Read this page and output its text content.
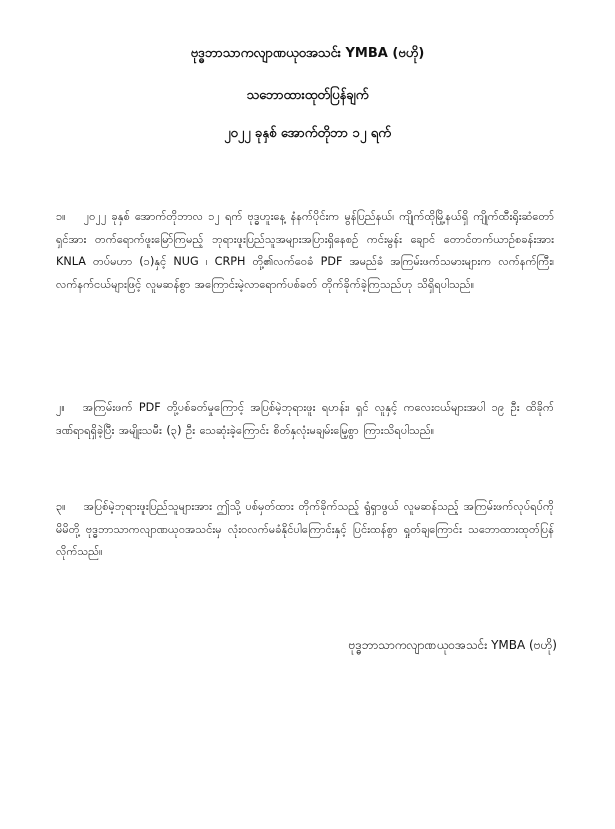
ဗုဒ္ဓဘာသာကလျာဏယုဝအသင်း YMBA (ဗဟို)
သဘောထားထုတ်ပြန်ချက်
၂၀၂၂ ခုနှစ် အောက်တိုဘာ ၁၂ ရက်
၁။ ၂၀၂၂ ခုနှစ် အောက်တိုဘာလ ၁၂ ရက် ဗုဒ္ဓဟူးနေ့ နံနက်ပိုင်းက မွန်ပြည်နယ်၊ ကျိုက်ထိုမြို့နယ်ရှိ ကျိုက်ထီးရိုးဆံတော်ရှင်အား တက်ရောက်ဖူးမြော်ကြမည့် ဘုရားဖူးပြည်သူအများအပြားရှိနေစဉ် ကင်းမွန်း ချောင် တောင်တက်ယာဉ်စခန်းအား KNLA တပ်မဟာ (၁)နှင့် NUG ၊ CRPH တို့၏လက်ဝေခံ PDF အမည်ခံ အကြမ်းဖက်သမားများက လက်နက်ကြီး၊ လက်နက်ငယ်များဖြင့် လူမဆန်စွာ အကြောင်းမဲ့လာရောက်ပစ်ခတ် တိုက်ခိုက်ခဲ့ကြသည်ဟု သိရှိရပါသည်။
၂။ အကြမ်းဖက် PDF တို့ပစ်ခတ်မှုကြောင့် အပြစ်မဲ့ဘုရားဖူး ရဟန်း၊ ရှင် လူနှင့် ကလေးငယ်များအပါ ၁၉ ဦး ထိခိုက်ဒဏ်ရာရရှိခဲ့ပြီး အမျိုးသမီး (၃) ဦး သေဆုံးခဲ့ကြောင်း စိတ်နှလုံးမချမ်းမြေ့စွာ ကြားသိရပါသည်။
၃။ အပြစ်မဲ့ဘုရားဖူးပြည်သူများအား ဤသို့ ပစ်မှတ်ထား တိုက်ခိုက်သည့် ရွံရှာဖွယ် လူမဆန်သည့် အကြမ်းဖက်လုပ်ရပ်ကို မိမိတို့ ဗုဒ္ဓဘာသာကလျာဏယုဝအသင်းမှ လုံးဝလက်မခံနိုင်ပါကြောင်းနှင့် ပြင်းထန်စွာ ရှုတ်ချကြောင်း သဘောထားထုတ်ပြန်လိုက်သည်။
ဗုဒ္ဓဘာသာကလျာဏယုဝအသင်း YMBA (ဗဟို)
